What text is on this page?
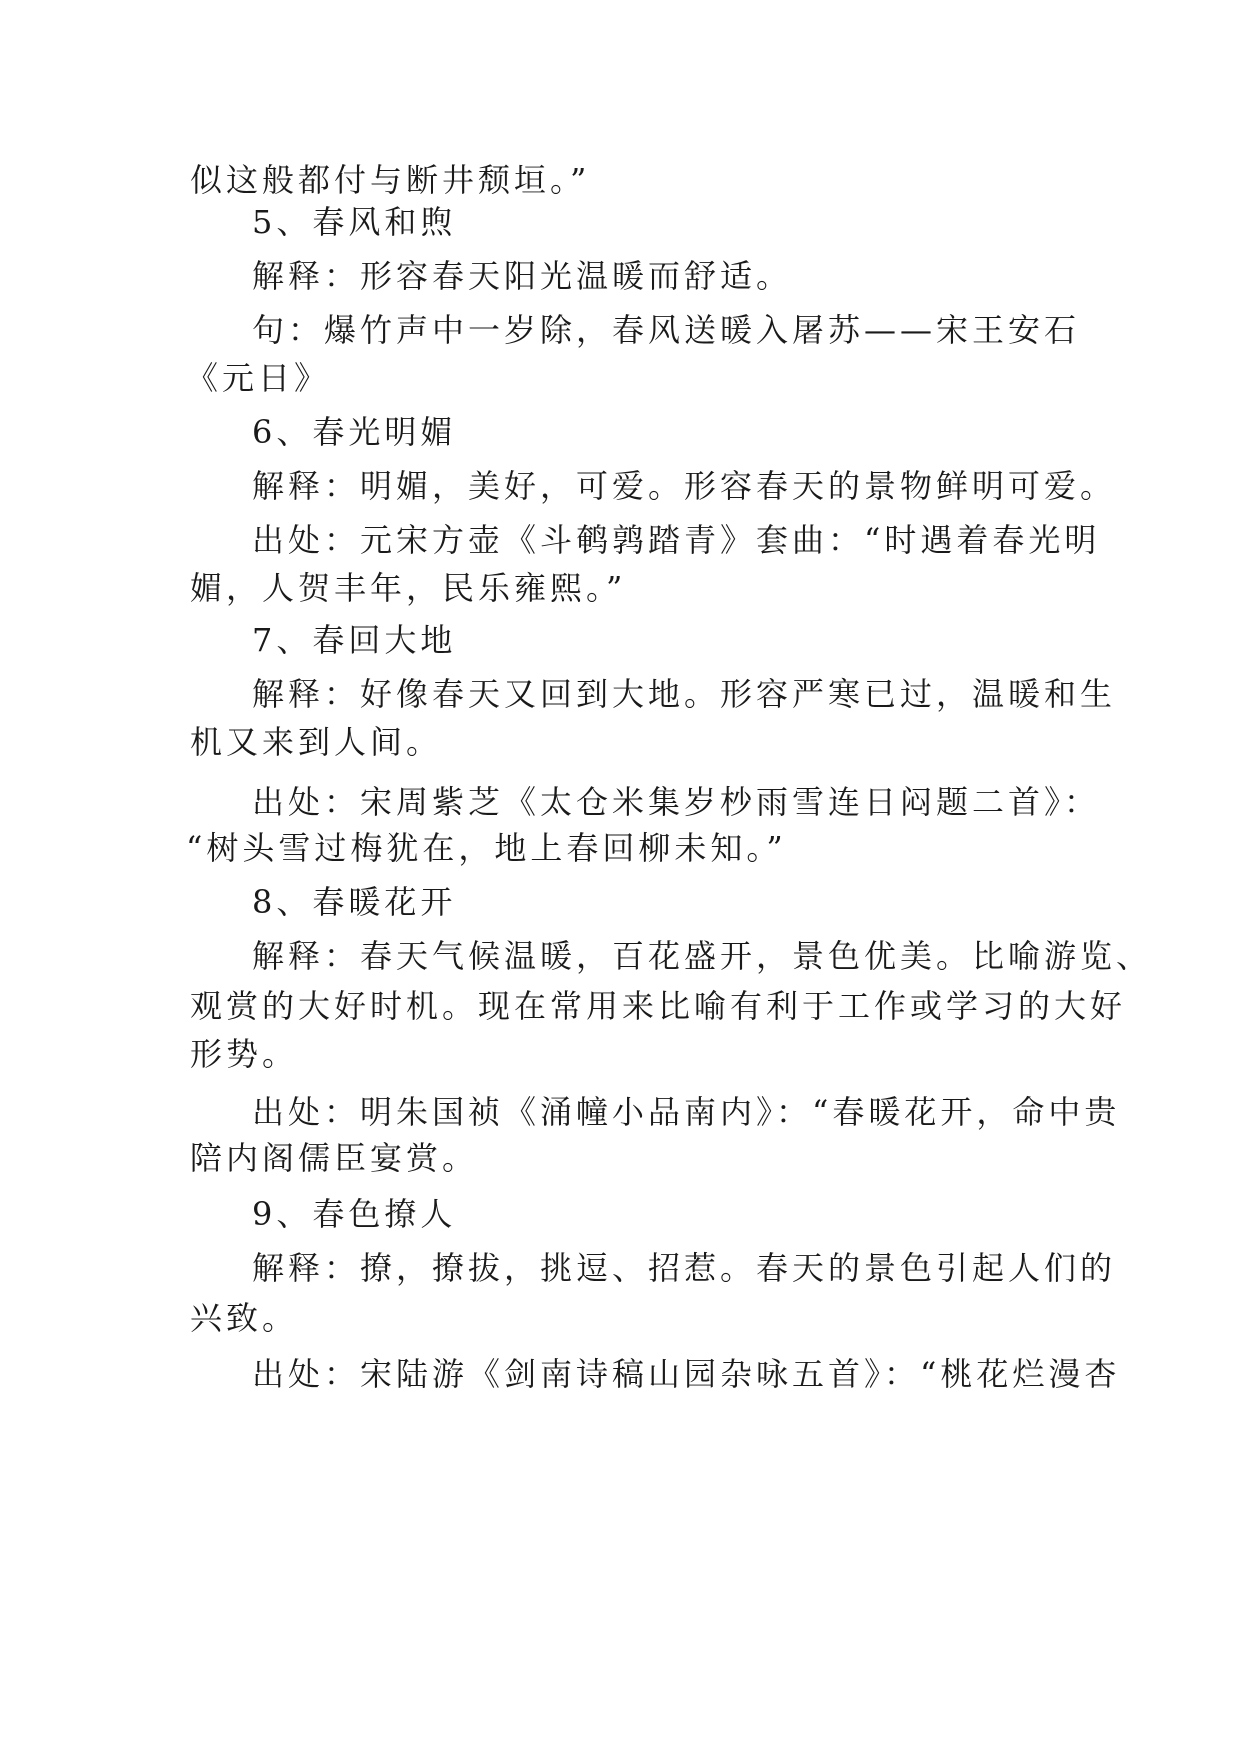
似这般都付与断井颓垣。”
5、春风和煦
解释：形容春天阳光温暖而舒适。
句：爆竹声中一岁除，春风送暖入屠苏——宋王安石
《元日》
6、春光明媚
解释：明媚，美好，可爱。形容春天的景物鲜明可爱。
出处：元宋方壶《斗鹌鹑踏青》套曲：“时遇着春光明
媚，人贺丰年，民乐雍熙。”
7、春回大地
解释：好像春天又回到大地。形容严寒已过，温暖和生
机又来到人间。
出处：宋周紫芝《太仓米集岁杪雨雪连日闷题二首》：
“树头雪过梅犹在，地上春回柳未知。”
8、春暖花开
解释：春天气候温暖，百花盛开，景色优美。比喻游览、
观赏的大好时机。现在常用来比喻有利于工作或学习的大好
形势。
出处：明朱国祯《涌幢小品南内》：“春暖花开，命中贵
陪内阁儒臣宴赏。
9、春色撩人
解释：撩，撩拔，挑逗、招惹。春天的景色引起人们的
兴致。
出处：宋陆游《剑南诗稿山园杂咏五首》：“桃花烂漫杏
